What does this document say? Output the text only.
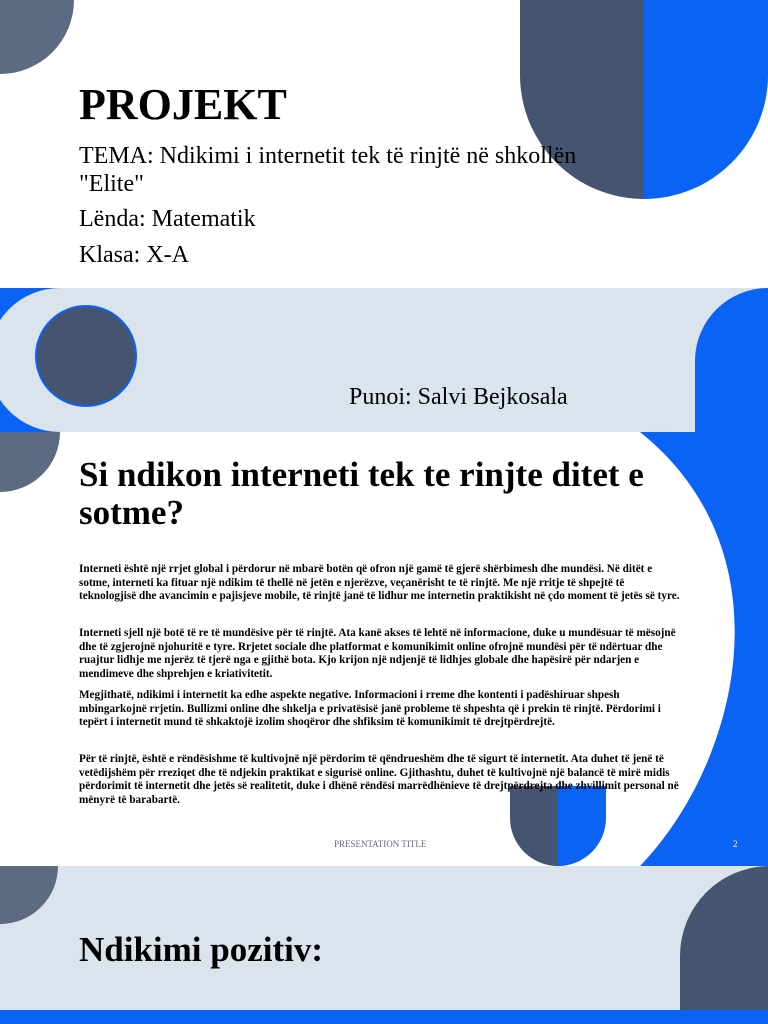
PROJEKT
TEMA: Ndikimi i internetit tek të rinjtë në shkollën "Elite"
Lënda: Matematik
Klasa: X-A
Punoi: Salvi Bejkosala
Si ndikon interneti tek te rinjte ditet e sotme?

Interneti është një rrjet global i përdorur në mbarë botën që ofron një gamë të gjerë shërbimesh dhe mundësi. Në ditët e sotme, interneti ka fituar një ndikim të thellë në jetën e njerëzve, veçanërisht te të rinjtë. Me një rritje të shpejtë të teknologjisë dhe avancimin e pajisjeve mobile, të rinjtë janë të lidhur me internetin praktikisht në çdo moment të jetës së tyre.

Interneti sjell një botë të re të mundësive për të rinjtë. Ata kanë akses të lehtë në informacione, duke u mundësuar të mësojnë dhe të zgjerojnë njohuritë e tyre. Rrjetet sociale dhe platformat e komunikimit online ofrojnë mundësi për të ndërtuar dhe ruajtur lidhje me njerëz të tjerë nga e gjithë bota. Kjo krijon një ndjenjë të lidhjes globale dhe hapësirë për ndarjen e mendimeve dhe shprehjen e kriativitetit.

Megjithatë, ndikimi i internetit ka edhe aspekte negative. Informacioni i rreme dhe kontenti i padëshiruar shpesh mbingarkojnë rrjetin. Bullizmi online dhe shkelja e privatësisë janë probleme të shpeshta që i prekin të rinjtë. Përdorimi i tepërt i internetit mund të shkaktojë izolim shoqëror dhe shfiksim të komunikimit të drejtpërdrejtë.

Për të rinjtë, është e rëndësishme të kultivojnë një përdorim të qëndrueshëm dhe të sigurt të internetit. Ata duhet të jenë të vetëdijshëm për rreziqet dhe të ndjekin praktikat e sigurisë online. Gjithashtu, duhet të kultivojnë një balancë të mirë midis përdorimit të internetit dhe jetës së realitetit, duke i dhënë rëndësi marrëdhënieve të drejtpërdrejta dhe zhvillimit personal në mënyrë të barabartë.

PRESENTATION TITLE	2
Ndikimi pozitiv:
